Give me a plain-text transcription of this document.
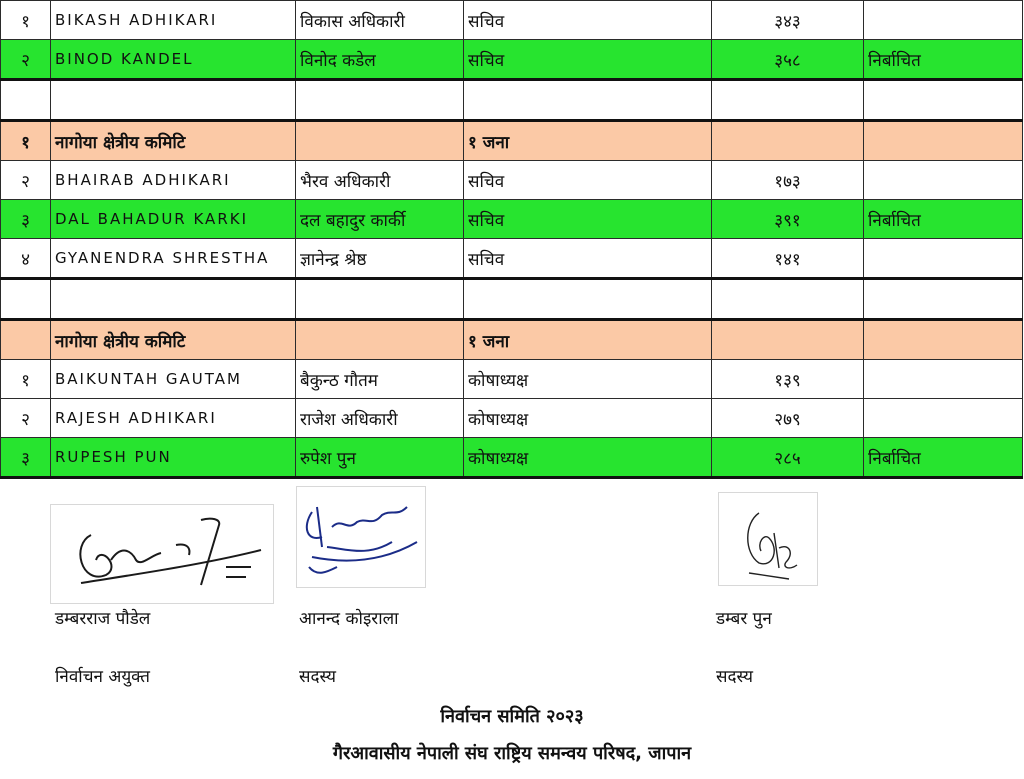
१	BIKASH ADHIKARI	विकास अधिकारी	सचिव	३४३	
२	BINOD KANDEL	विनोद कडेल	सचिव	३५८	निर्बाचित

१	नागोया क्षेत्रीय कमिटि		१ जना		
२	BHAIRAB ADHIKARI	भैरव अधिकारी	सचिव	१७३	
३	DAL BAHADUR KARKI	दल बहादुर कार्की	सचिव	३९१	निर्बाचित
४	GYANENDRA SHRESTHA	ज्ञानेन्द्र श्रेष्ठ	सचिव	१४१	

	नागोया क्षेत्रीय कमिटि		१ जना		
१	BAIKUNTAH GAUTAM	बैकुन्ठ गौतम	कोषाध्यक्ष	१३९	
२	RAJESH ADHIKARI	राजेश अधिकारी	कोषाध्यक्ष	२७९	
३	RUPESH PUN	रुपेश पुन	कोषाध्यक्ष	२८५	निर्बाचित
डम्बरराज पौडेल	आनन्द कोइराला	डम्बर पुन
निर्वाचन अयुक्त	सदस्य	सदस्य
निर्वाचन समिति २०२३
गैरआवासीय नेपाली संघ राष्ट्रिय समन्वय परिषद, जापान
